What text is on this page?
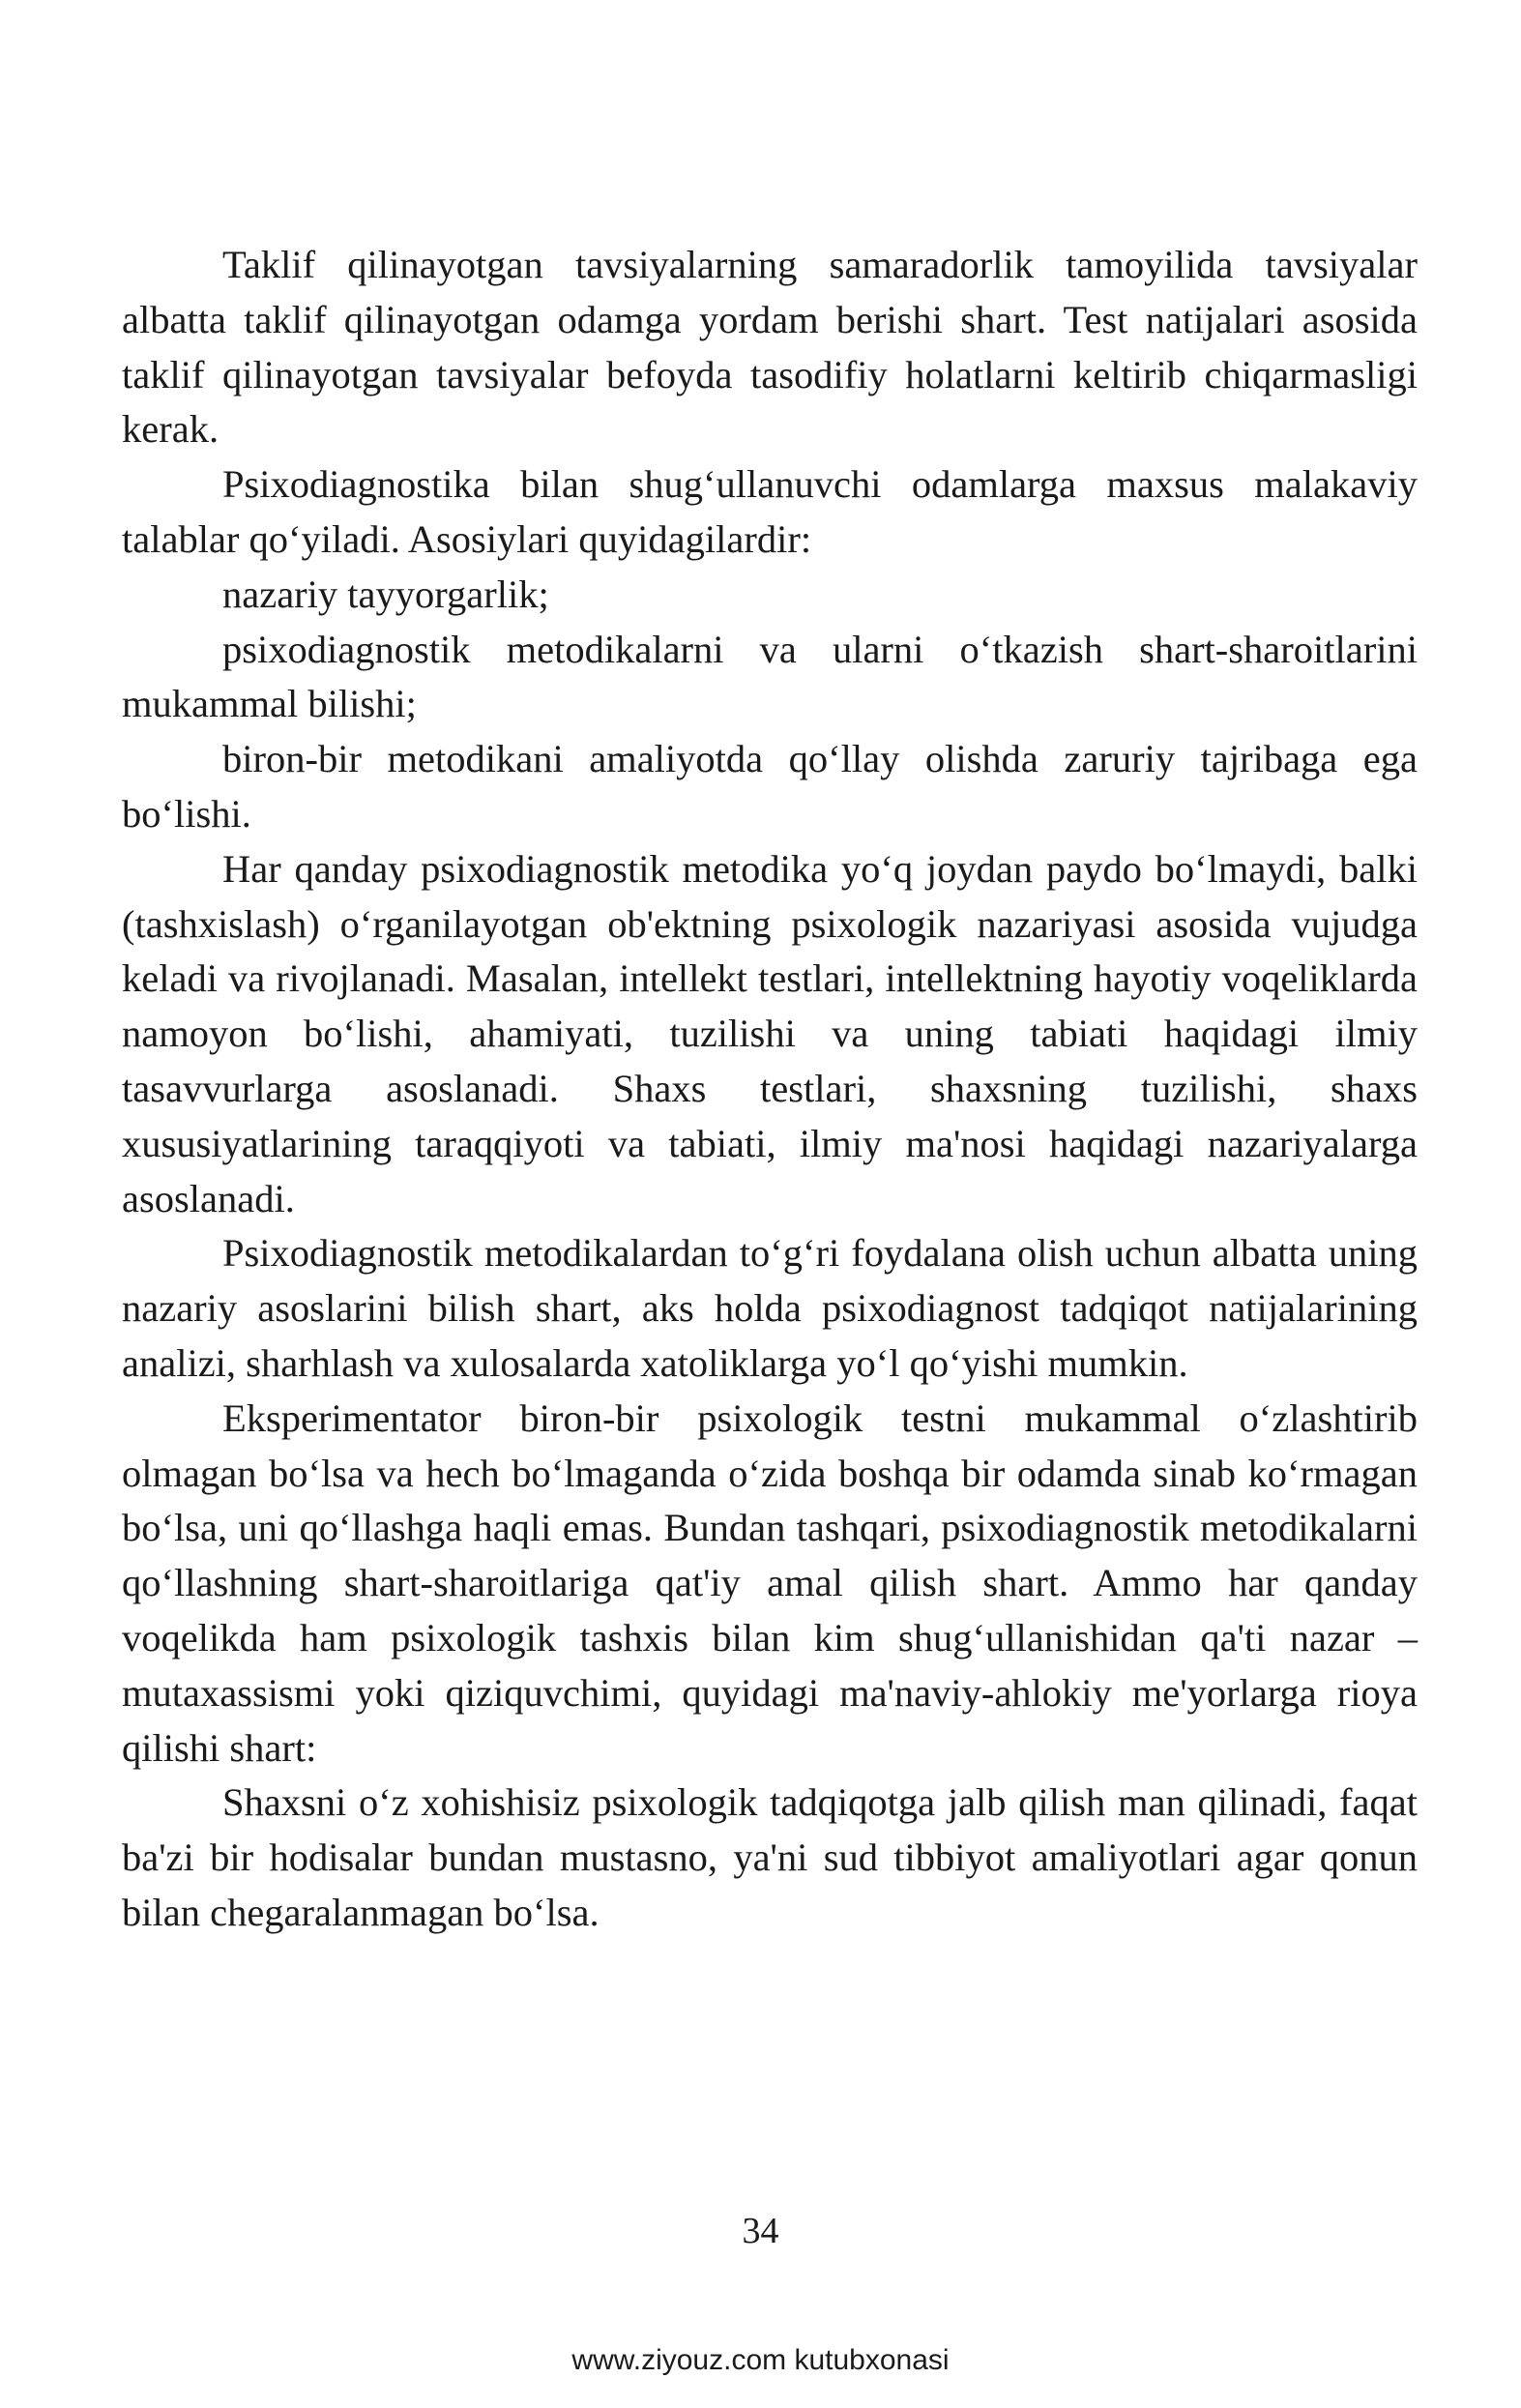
Taklif qilinayotgan tavsiyalarning samaradorlik tamoyilida tavsiyalar albatta taklif qilinayotgan odamga yordam berishi shart. Test natijalari asosida taklif qilinayotgan tavsiyalar befoyda tasodifiy holatlarni keltirib chiqarmasligi kerak.

Psixodiagnostika bilan shug‘ullanuvchi odamlarga maxsus malakaviy talablar qo‘yiladi. Asosiylari quyidagilardir:

nazariy tayyorgarlik;

psixodiagnostik metodikalarni va ularni o‘tkazish shart-sharoitlarini mukammal bilishi;

biron-bir metodikani amaliyotda qo‘llay olishda zaruriy tajribaga ega bo‘lishi.

Har qanday psixodiagnostik metodika yo‘q joydan paydo bo‘lmaydi, balki (tashxislash) o‘rganilayotgan ob'ektning psixologik nazariyasi asosida vujudga keladi va rivojlanadi. Masalan, intellekt testlari, intellektning hayotiy voqeliklarda namoyon bo‘lishi, ahamiyati, tuzilishi va uning tabiati haqidagi ilmiy tasavvurlarga asoslanadi. Shaxs testlari, shaxsning tuzilishi, shaxs xususiyatlarining taraqqiyoti va tabiati, ilmiy ma'nosi haqidagi nazariyalarga asoslanadi.

Psixodiagnostik metodikalardan to‘g‘ri foydalana olish uchun albatta uning nazariy asoslarini bilish shart, aks holda psixodiagnost tadqiqot natijalarining analizi, sharhlash va xulosalarda xatoliklarga yo‘l qo‘yishi mumkin.

Eksperimentator biron-bir psixologik testni mukammal o‘zlashtirib olmagan bo‘lsa va hech bo‘lmaganda o‘zida boshqa bir odamda sinab ko‘rmagan bo‘lsa, uni qo‘llashga haqli emas. Bundan tashqari, psixodiagnostik metodikalarni qo‘llashning shart-sharoitlariga qat'iy amal qilish shart. Ammo har qanday voqelikda ham psixologik tashxis bilan kim shug‘ullanishidan qa'ti nazar – mutaxassismi yoki qiziquvchimi, quyidagi ma'naviy-ahlokiy me'yorlarga rioya qilishi shart:

Shaxsni o‘z xohishisiz psixologik tadqiqotga jalb qilish man qilinadi, faqat ba'zi bir hodisalar bundan mustasno, ya'ni sud tibbiyot amaliyotlari agar qonun bilan chegaralanmagan bo‘lsa.

34
www.ziyouz.com kutubxonasi
